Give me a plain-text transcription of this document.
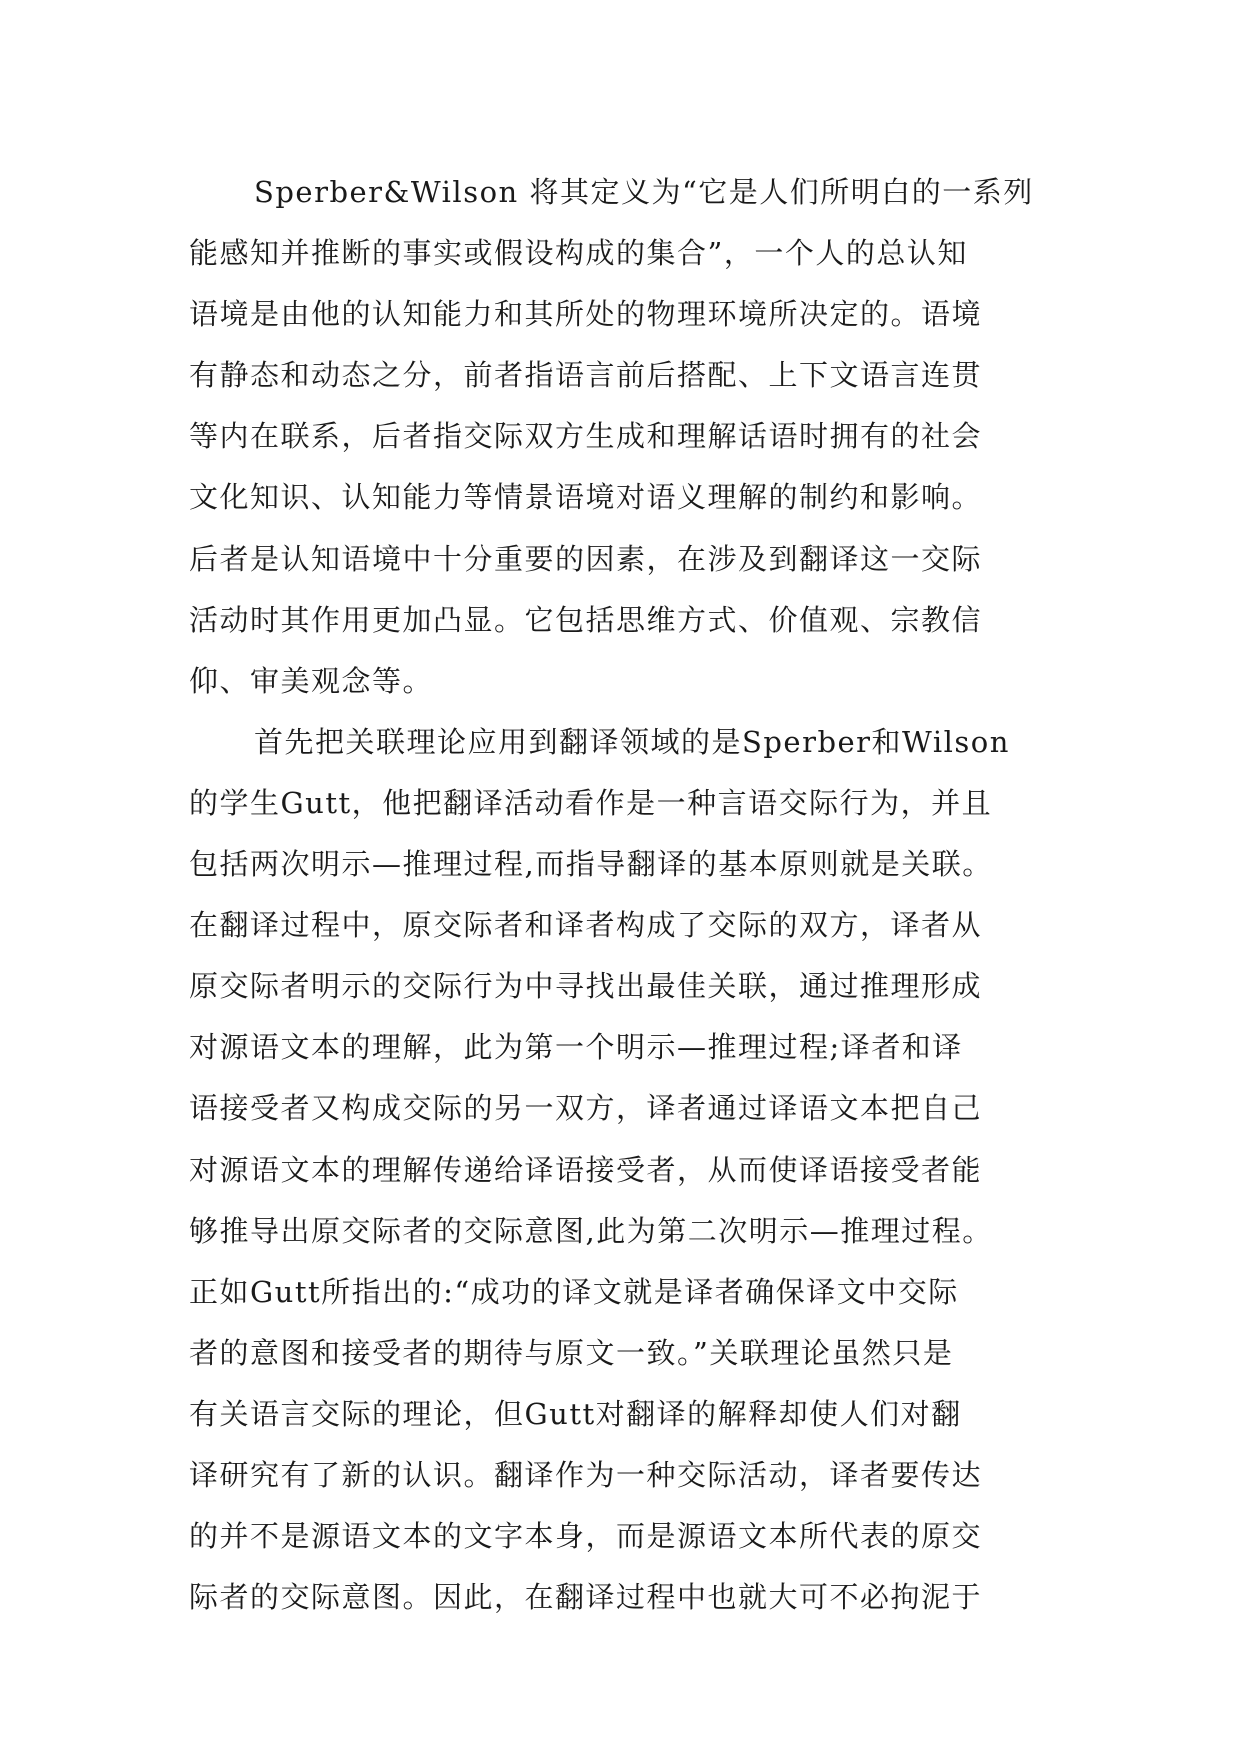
Sperber&Wilson 将其定义为“它是人们所明白的一系列
能感知并推断的事实或假设构成的集合”，一个人的总认知
语境是由他的认知能力和其所处的物理环境所决定的。语境
有静态和动态之分，前者指语言前后搭配、上下文语言连贯
等内在联系，后者指交际双方生成和理解话语时拥有的社会
文化知识、认知能力等情景语境对语义理解的制约和影响。
后者是认知语境中十分重要的因素，在涉及到翻译这一交际
活动时其作用更加凸显。它包括思维方式、价值观、宗教信
仰、审美观念等。
首先把关联理论应用到翻译领域的是Sperber和Wilson
的学生Gutt，他把翻译活动看作是一种言语交际行为，并且
包括两次明示—推理过程,而指导翻译的基本原则就是关联。
在翻译过程中，原交际者和译者构成了交际的双方，译者从
原交际者明示的交际行为中寻找出最佳关联，通过推理形成
对源语文本的理解，此为第一个明示—推理过程;译者和译
语接受者又构成交际的另一双方，译者通过译语文本把自己
对源语文本的理解传递给译语接受者，从而使译语接受者能
够推导出原交际者的交际意图,此为第二次明示—推理过程。
正如Gutt所指出的:“成功的译文就是译者确保译文中交际
者的意图和接受者的期待与原文一致。”关联理论虽然只是
有关语言交际的理论，但Gutt对翻译的解释却使人们对翻
译研究有了新的认识。翻译作为一种交际活动，译者要传达
的并不是源语文本的文字本身，而是源语文本所代表的原交
际者的交际意图。因此，在翻译过程中也就大可不必拘泥于
